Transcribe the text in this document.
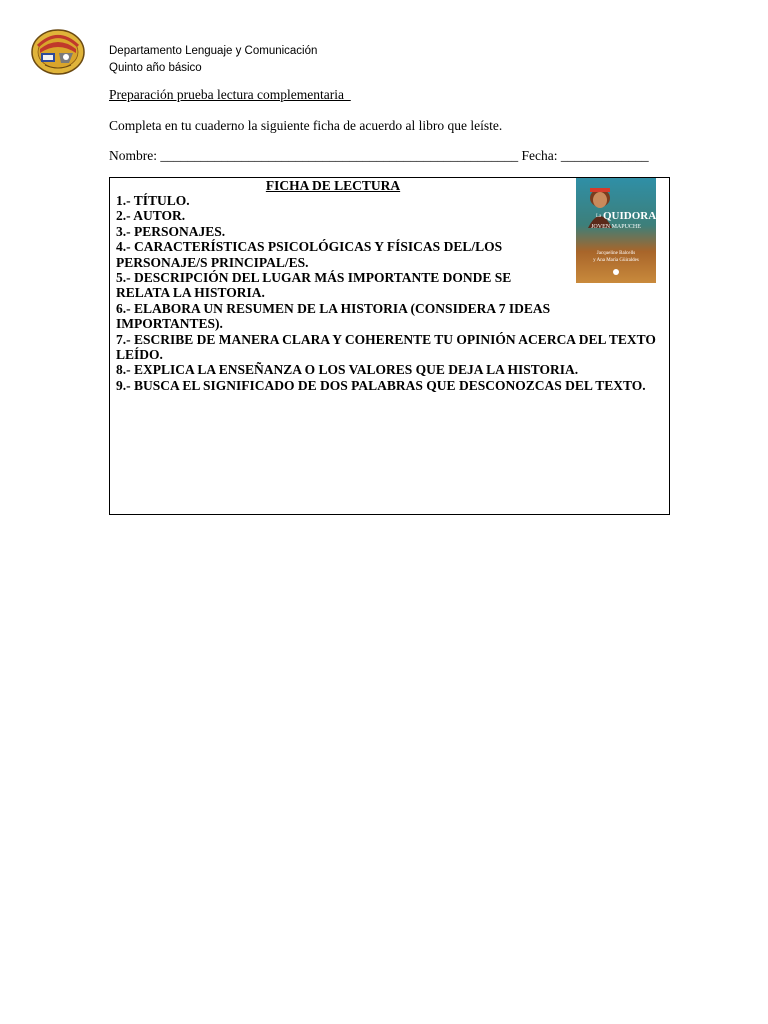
Departamento Lenguaje y Comunicación
Quinto año básico
Preparación prueba lectura complementaria
Completa en tu cuaderno la siguiente ficha de acuerdo al libro que leíste.
Nombre: _____________________________________________________ Fecha: _____________
FICHA DE LECTURA
1.- TÍTULO.
2.- AUTOR.
3.- PERSONAJES.
4.- CARACTERÍSTICAS PSICOLÓGICAS Y FÍSICAS DEL/LOS PERSONAJE/S PRINCIPAL/ES.
5.- DESCRIPCIÓN DEL LUGAR MÁS IMPORTANTE DONDE SE RELATA LA HISTORIA.
6.- ELABORA UN RESUMEN DE LA HISTORIA (CONSIDERA 7 IDEAS IMPORTANTES).
7.- ESCRIBE DE MANERA CLARA Y COHERENTE TU OPINIÓN ACERCA DEL TEXTO LEÍDO.
8.- EXPLICA LA ENSEÑANZA O LOS VALORES QUE DEJA LA HISTORIA.
9.- BUSCA EL SIGNIFICADO DE DOS PALABRAS QUE DESCONOZCAS DEL TEXTO.
La QUIDORA
JOVEN MAPUCHE
Jacqueline Balcells
y Ana María Güiraldes
